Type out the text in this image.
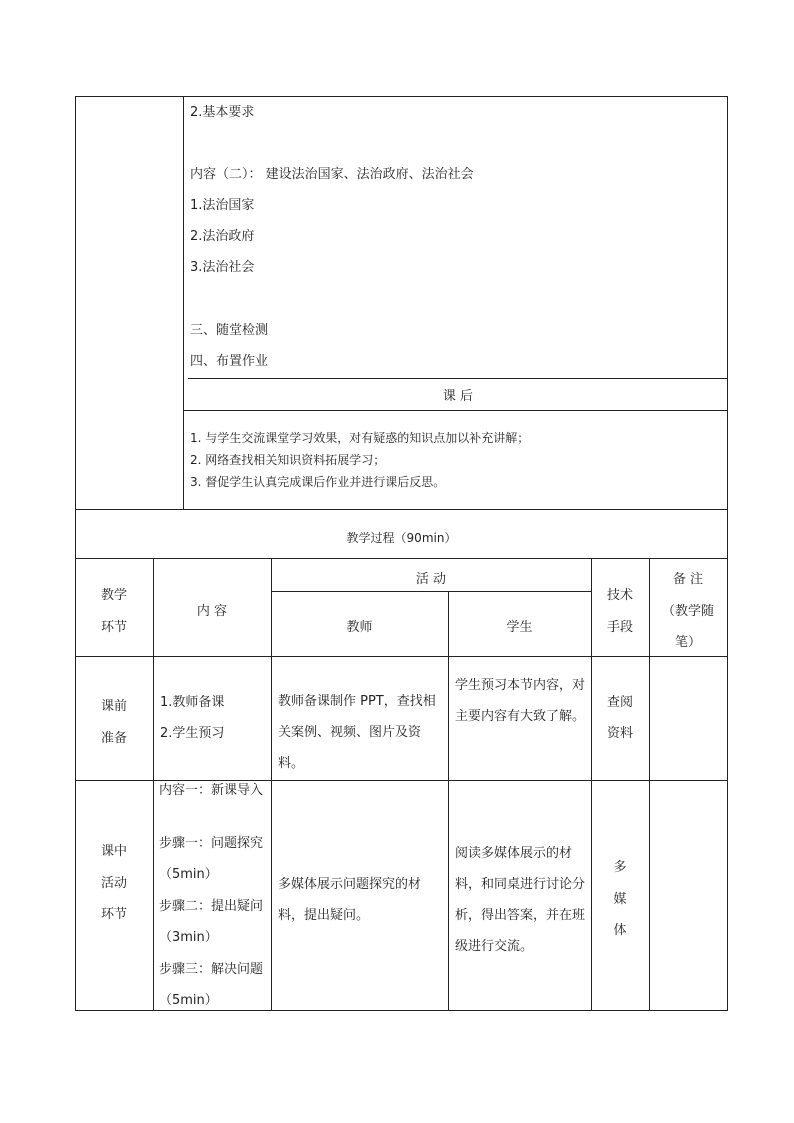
2.基本要求
内容（二）： 建设法治国家、法治政府、法治社会
1.法治国家
2.法治政府
3.法治社会
三、随堂检测
四、布置作业
课 后
1. 与学生交流课堂学习效果，对有疑惑的知识点加以补充讲解；
2. 网络查找相关知识资料拓展学习；
3. 督促学生认真完成课后作业并进行课后反思。
教学过程（90min）
教学
环节
内 容
活 动
教师	学生
技术
手段
备 注
（教学随
笔）
课前
准备
1.教师备课
2.学生预习
教师备课制作 PPT，查找相关案例、视频、图片及资料。
学生预习本节内容，对主要内容有大致了解。
查阅
资料
课中
活动
环节
内容一：新课导入
步骤一：问题探究（5min）
步骤二：提出疑问（3min）
步骤三：解决问题（5min）
多媒体展示问题探究的材料，提出疑问。
阅读多媒体展示的材料，和同桌进行讨论分析，得出答案，并在班级进行交流。
多
媒
体
